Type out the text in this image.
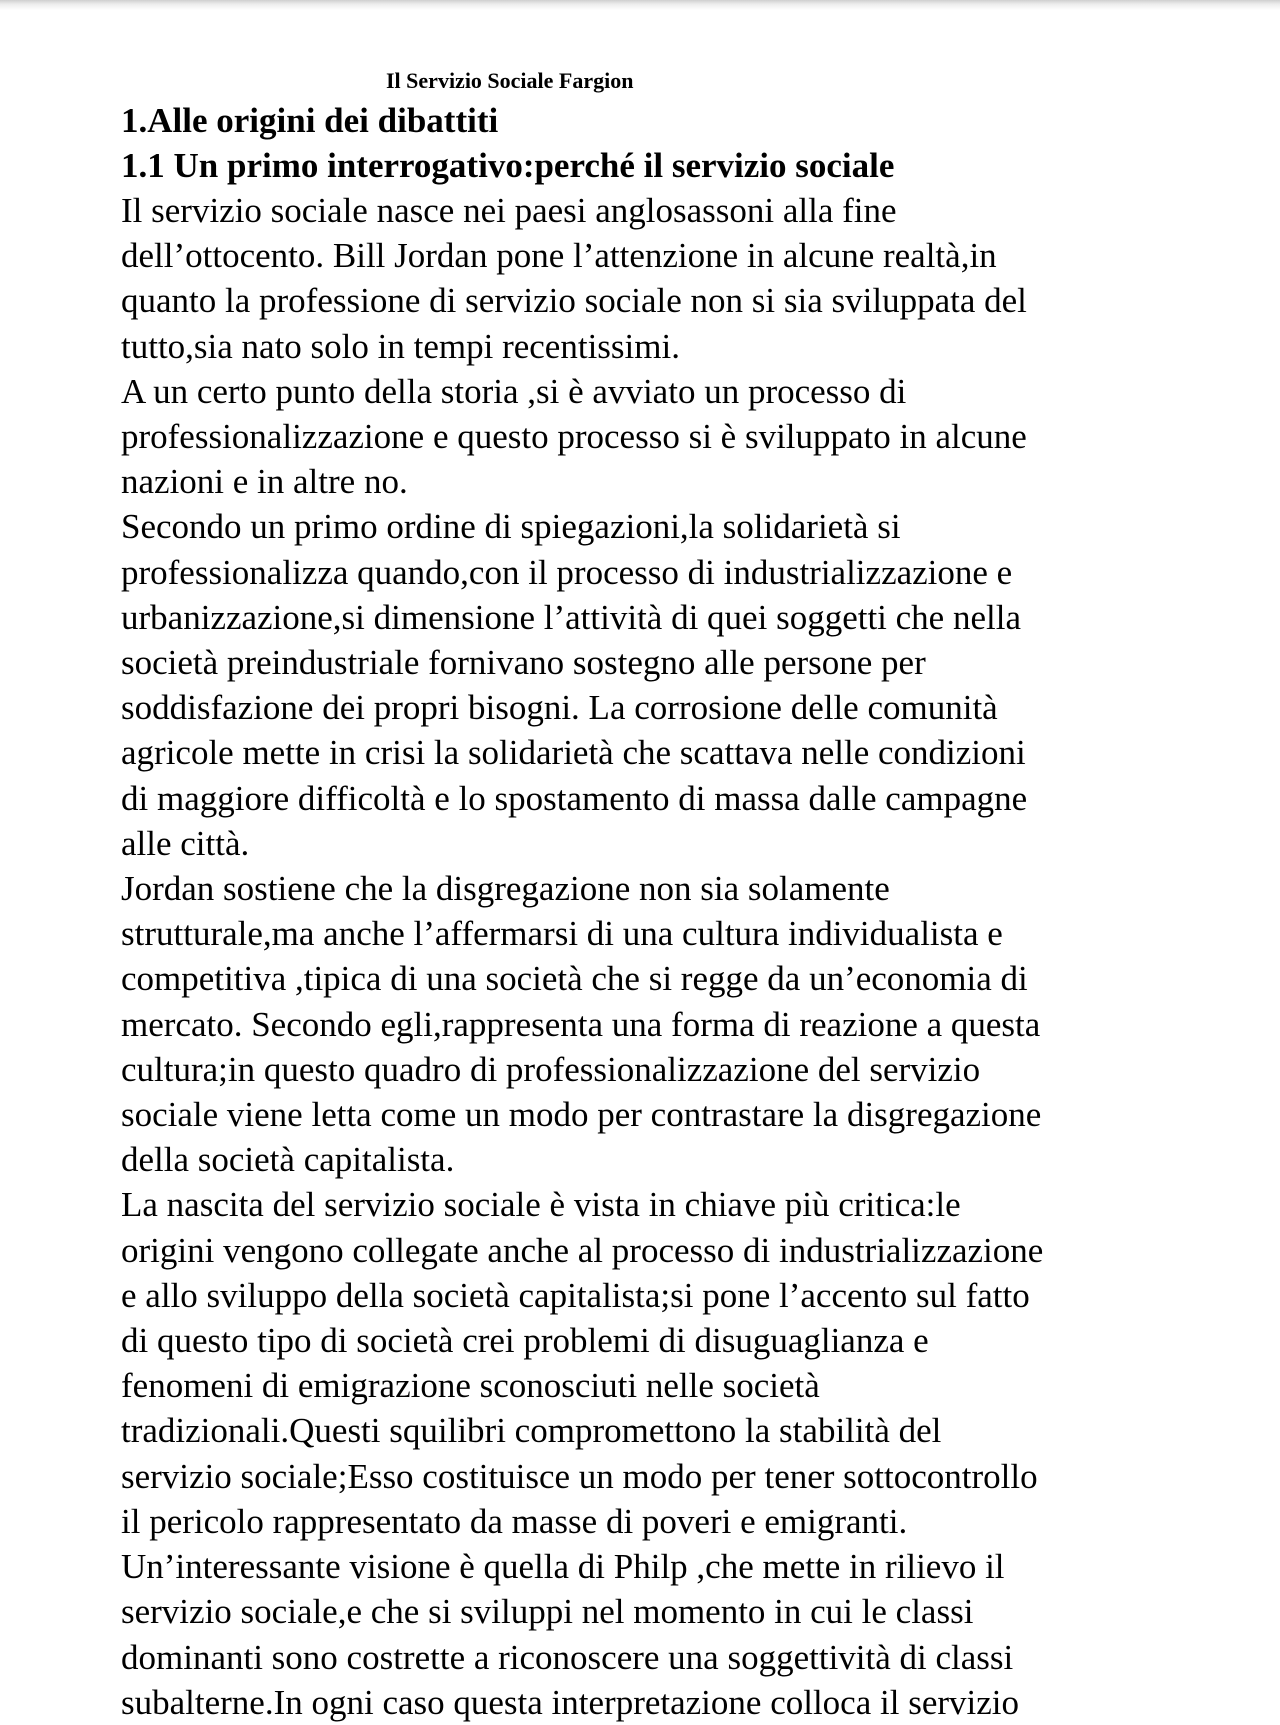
Il Servizio Sociale Fargion
1.Alle origini dei dibattiti
1.1 Un primo interrogativo:perché il servizio sociale
Il servizio sociale nasce nei paesi anglosassoni alla fine
dell’ottocento. Bill Jordan pone l’attenzione in alcune realtà,in
quanto la professione di servizio sociale non si sia sviluppata del
tutto,sia nato solo in tempi recentissimi.
A un certo punto della storia ,si è avviato un processo di
professionalizzazione e questo processo si è sviluppato in alcune
nazioni e in altre no.
Secondo un primo ordine di spiegazioni,la solidarietà si
professionalizza quando,con il processo di industrializzazione e
urbanizzazione,si dimensione l’attività di quei soggetti che nella
società preindustriale fornivano sostegno alle persone per
soddisfazione dei propri bisogni. La corrosione delle comunità
agricole mette in crisi la solidarietà che scattava nelle condizioni
di maggiore difficoltà e lo spostamento di massa dalle campagne
alle città.
Jordan sostiene che la disgregazione non sia solamente
strutturale,ma anche l’affermarsi di una cultura individualista e
competitiva ,tipica di una società che si regge da un’economia di
mercato. Secondo egli,rappresenta una forma di reazione a questa
cultura;in questo quadro di professionalizzazione del servizio
sociale viene letta come un modo per contrastare la disgregazione
della società capitalista.
La nascita del servizio sociale è vista in chiave più critica:le
origini vengono collegate anche al processo di industrializzazione
e allo sviluppo della società capitalista;si pone l’accento sul fatto
di questo tipo di società crei problemi di disuguaglianza e
fenomeni di emigrazione sconosciuti nelle società
tradizionali.Questi squilibri compromettono la stabilità del
servizio sociale;Esso costituisce un modo per tener sottocontrollo
il pericolo rappresentato da masse di poveri e emigranti.
Un’interessante visione è quella di Philp ,che mette in rilievo il
servizio sociale,e che si sviluppi nel momento in cui le classi
dominanti sono costrette a riconoscere una soggettività di classi
subalterne.In ogni caso questa interpretazione colloca il servizio
